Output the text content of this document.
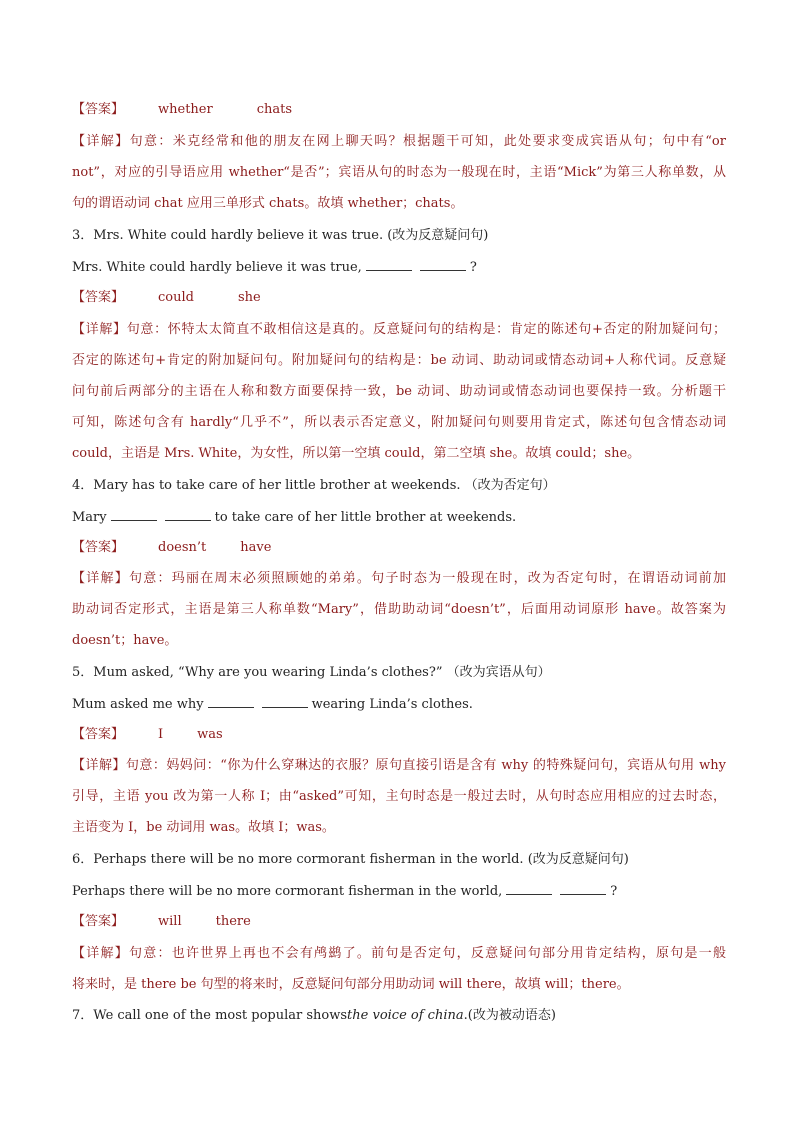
【答案】	whether	chats
【详解】句意：米克经常和他的朋友在网上聊天吗？根据题干可知，此处要求变成宾语从句；句中有“or
not”，对应的引导语应用 whether“是否”；宾语从句的时态为一般现在时，主语“Mick”为第三人称单数，从
句的谓语动词 chat 应用三单形式 chats。故填 whether；chats。
3．Mrs. White could hardly believe it was true. (改为反意疑问句)
Mrs. White could hardly believe it was true,	?
【答案】	could	she
【详解】句意：怀特太太简直不敢相信这是真的。反意疑问句的结构是：肯定的陈述句+否定的附加疑问句；
否定的陈述句+肯定的附加疑问句。附加疑问句的结构是：be 动词、助动词或情态动词+人称代词。反意疑
问句前后两部分的主语在人称和数方面要保持一致，be 动词、助动词或情态动词也要保持一致。分析题干
可知，陈述句含有 hardly“几乎不”，所以表示否定意义，附加疑问句则要用肯定式，陈述句包含情态动词
could，主语是 Mrs. White，为女性，所以第一空填 could，第二空填 she。故填 could；she。
4．Mary has to take care of her little brother at weekends. （改为否定句）
Mary	to take care of her little brother at weekends.
【答案】	doesn’t	have
【详解】句意：玛丽在周末必须照顾她的弟弟。句子时态为一般现在时，改为否定句时，在谓语动词前加
助动词否定形式，主语是第三人称单数“Mary”，借助助动词“doesn’t”，后面用动词原形 have。故答案为
doesn’t；have。
5．Mum asked, “Why are you wearing Linda’s clothes?” （改为宾语从句）
Mum asked me why	wearing Linda’s clothes.
【答案】	I	was
【详解】句意：妈妈问：“你为什么穿琳达的衣服？原句直接引语是含有 why 的特殊疑问句，宾语从句用 why
引导，主语 you 改为第一人称 I；由“asked”可知，主句时态是一般过去时，从句时态应用相应的过去时态，
主语变为 I，be 动词用 was。故填 I；was。
6．Perhaps there will be no more cormorant fisherman in the world. (改为反意疑问句)
Perhaps there will be no more cormorant fisherman in the world,	?
【答案】	will	there
【详解】句意：也许世界上再也不会有鸬鹚了。前句是否定句，反意疑问句部分用肯定结构，原句是一般
将来时，是 there be 句型的将来时，反意疑问句部分用助动词 will there，故填 will；there。
7．We call one of the most popular showsthe voice of china.(改为被动语态)
